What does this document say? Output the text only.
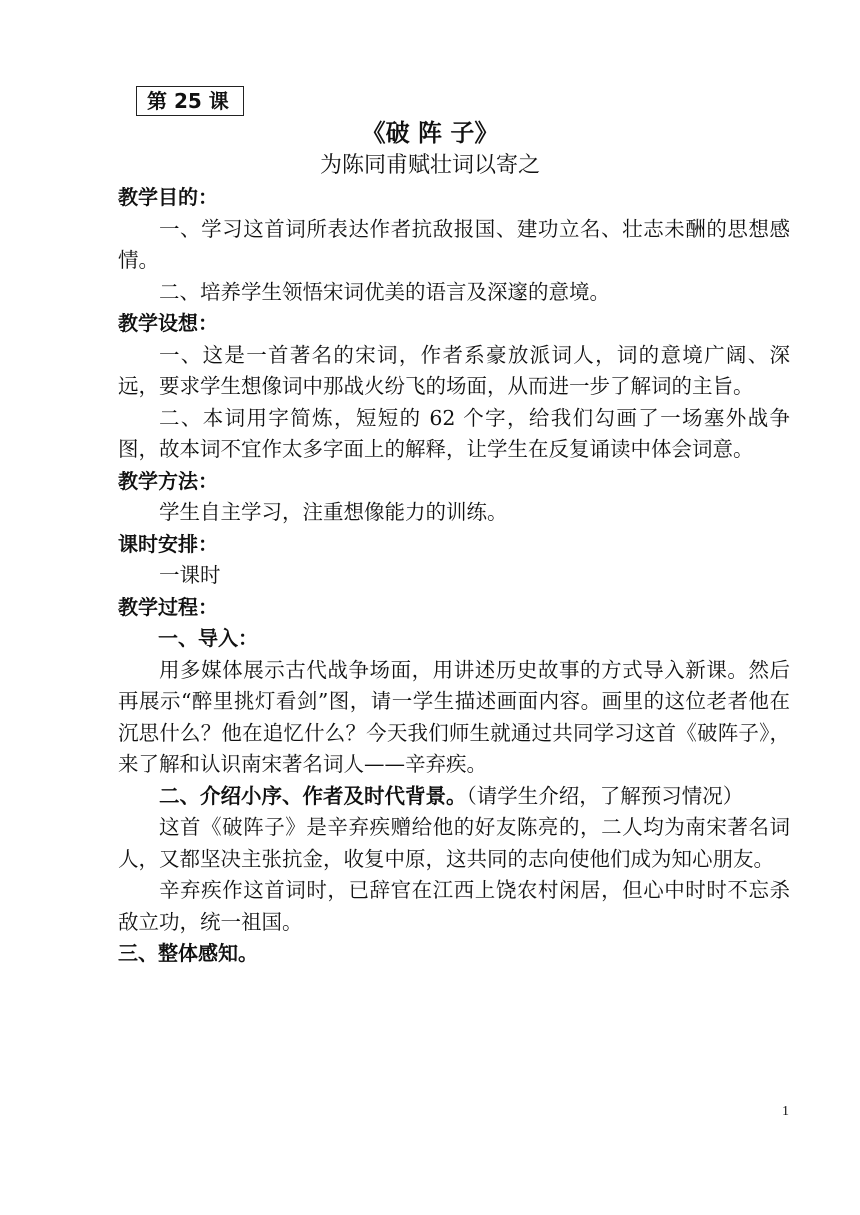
第 25 课
《破 阵 子》
为陈同甫赋壮词以寄之
教学目的：
一、学习这首词所表达作者抗敌报国、建功立名、壮志未酬的思想感情。
二、培养学生领悟宋词优美的语言及深邃的意境。
教学设想：
一、这是一首著名的宋词，作者系豪放派词人，词的意境广阔、深远，要求学生想像词中那战火纷飞的场面，从而进一步了解词的主旨。
二、本词用字简炼，短短的 62 个字，给我们勾画了一场塞外战争图，故本词不宜作太多字面上的解释，让学生在反复诵读中体会词意。
教学方法：
学生自主学习，注重想像能力的训练。
课时安排：
一课时
教学过程：
一、导入：
用多媒体展示古代战争场面，用讲述历史故事的方式导入新课。然后再展示“醉里挑灯看剑”图，请一学生描述画面内容。画里的这位老者他在沉思什么？他在追忆什么？今天我们师生就通过共同学习这首《破阵子》，来了解和认识南宋著名词人——辛弃疾。
二、介绍小序、作者及时代背景。（请学生介绍，了解预习情况）
这首《破阵子》是辛弃疾赠给他的好友陈亮的，二人均为南宋著名词人，又都坚决主张抗金，收复中原，这共同的志向使他们成为知心朋友。
辛弃疾作这首词时，已辞官在江西上饶农村闲居，但心中时时不忘杀敌立功，统一祖国。
三、整体感知。
1
